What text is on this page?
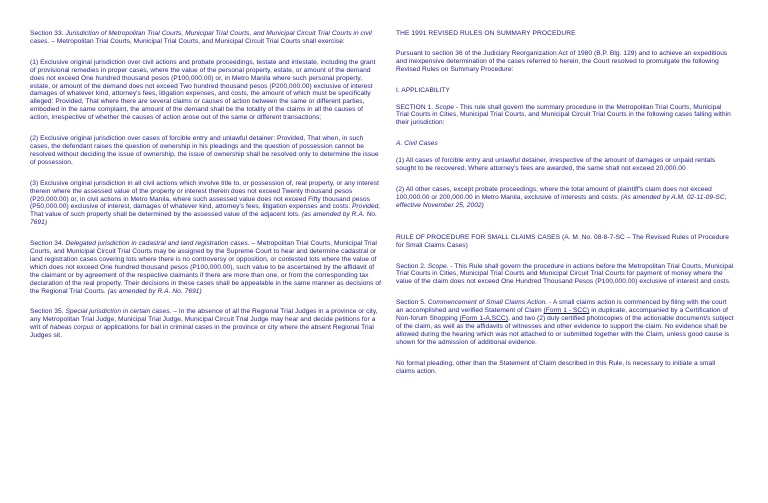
Section 33. Jurisdiction of Metropolitan Trial Courts, Municipal Trial Courts, and Municipal Circuit Trial Courts in civil cases. – Metropolitan Trial Courts, Municipal Trial Courts, and Municipal Circuit Trial Courts shall exercise:
(1) Exclusive original jurisdiction over civil actions and probate proceedings, testate and intestate, including the grant of provisional remedies in proper cases, where the value of the personal property, estate, or amount of the demand does not exceed One hundred thousand pesos (P100,000.00) or, in Metro Manila where such personal property, estate, or amount of the demand does not exceed Two hundred thousand pesos (P200,000.00) exclusive of interest damages of whatever kind, attorney's fees, litigation expenses, and costs, the amount of which must be specifically alleged: Provided, That where there are several claims or causes of action between the same or different parties, embodied in the same complaint, the amount of the demand shall be the totality of the claims in all the causes of action, irrespective of whether the causes of action arose out of the same or different transactions;
(2) Exclusive original jurisdiction over cases of forcible entry and unlawful detainer: Provided, That when, in such cases, the defendant raises the question of ownership in his pleadings and the question of possession cannot be resolved without deciding the issue of ownership, the issue of ownership shall be resolved only to determine the issue of possession.
(3) Exclusive original jurisdiction in all civil actions which involve title to, or possession of, real property, or any interest therein where the assessed value of the property or interest therein does not exceed Twenty thousand pesos (P20,000.00) or, in civil actions in Metro Manila, where such assessed value does not exceed Fifty thousand pesos (P50,000.00) exclusive of interest, damages of whatever kind, attorney's fees, litigation expenses and costs: Provided, That value of such property shall be determined by the assessed value of the adjacent lots. (as amended by R.A. No. 7691)
Section 34. Delegated jurisdiction in cadastral and land registration cases. – Metropolitan Trial Courts, Municipal Trial Courts, and Municipal Circuit Trial Courts may be assigned by the Supreme Court to hear and determine cadastral or land registration cases covering lots where there is no controversy or opposition, or contested lots where the value of which does not exceed One hundred thousand pesos (P100,000.00), such value to be ascertained by the affidavit of the claimant or by agreement of the respective claimants if there are more than one, or from the corresponding tax declaration of the real property. Their decisions in these cases shall be appealable in the same manner as decisions of the Regional Trial Courts. (as amended by R.A. No. 7691)
Section 35. Special jurisdiction in certain cases. – In the absence of all the Regional Trial Judges in a province or city, any Metropolitan Trial Judge, Municipal Trial Judge, Municipal Circuit Trial Judge may hear and decide petitions for a writ of habeas corpus or applications for bail in criminal cases in the province or city where the absent Regional Trial Judges sit.
THE 1991 REVISED RULES ON SUMMARY PROCEDURE
Pursuant to section 36 of the Judiciary Reorganization Act of 1980 (B.P. Blg. 129) and to achieve an expeditious and inexpensive determination of the cases referred to herein, the Court resolved to promulgate the following Revised Rules on Summary Procedure:
I. APPLICABILITY
SECTION 1. Scope - This rule shall govern the summary procedure in the Metropolitan Trial Courts, Municipal Trial Courts in Cities, Municipal Trial Courts, and Municipal Circuit Trial Courts in the following cases falling within their jurisdiction:
A. Civil Cases
(1) All cases of forcible entry and unlawful detainer, irrespective of the amount of damages or unpaid rentals sought to be recovered. Where attorney's fees are awarded, the same shall not exceed 20,000.00
(2) All other cases, except probate proceedings, where the total amount of plaintiff's claim does not exceed 100,000.00 or 200,000.00 in Metro Manila, exclusive of interests and costs. (As amended by A.M. 02-11-09-SC, effective November 25, 2002)
RULE OF PROCEDURE FOR SMALL CLAIMS CASES (A. M. No. 08-8-7-SC – The Revised Rules of Procedure for Small Claims Cases)
Section 2. Scope. - This Rule shall govern the procedure in actions before the Metropolitan Trial Courts, Municipal Trial Courts in Cities, Municipal Trial Courts and Municipal Circuit Trial Courts for payment of money where the value of the claim does not exceed One Hundred Thousand Pesos (P100,000.00) exclusive of interest and costs.
Section 5. Commencement of Small Claims Action. - A small claims action is commenced by filing with the court an accomplished and verified Statement of Claim (Form 1 - SCC) in duplicate, accompanied by a Certification of Non-forum Shopping (Form 1-A,SCC), and two (2) duly certified photocopies of the actionable document/s subject of the claim, as well as the affidavits of witnesses and other evidence to support the claim. No evidence shall be allowed during the hearing which was not attached to or submitted together with the Claim, unless good cause is shown for the admission of additional evidence.
No formal pleading, other than the Statement of Claim described in this Rule, is necessary to initiate a small claims action.
